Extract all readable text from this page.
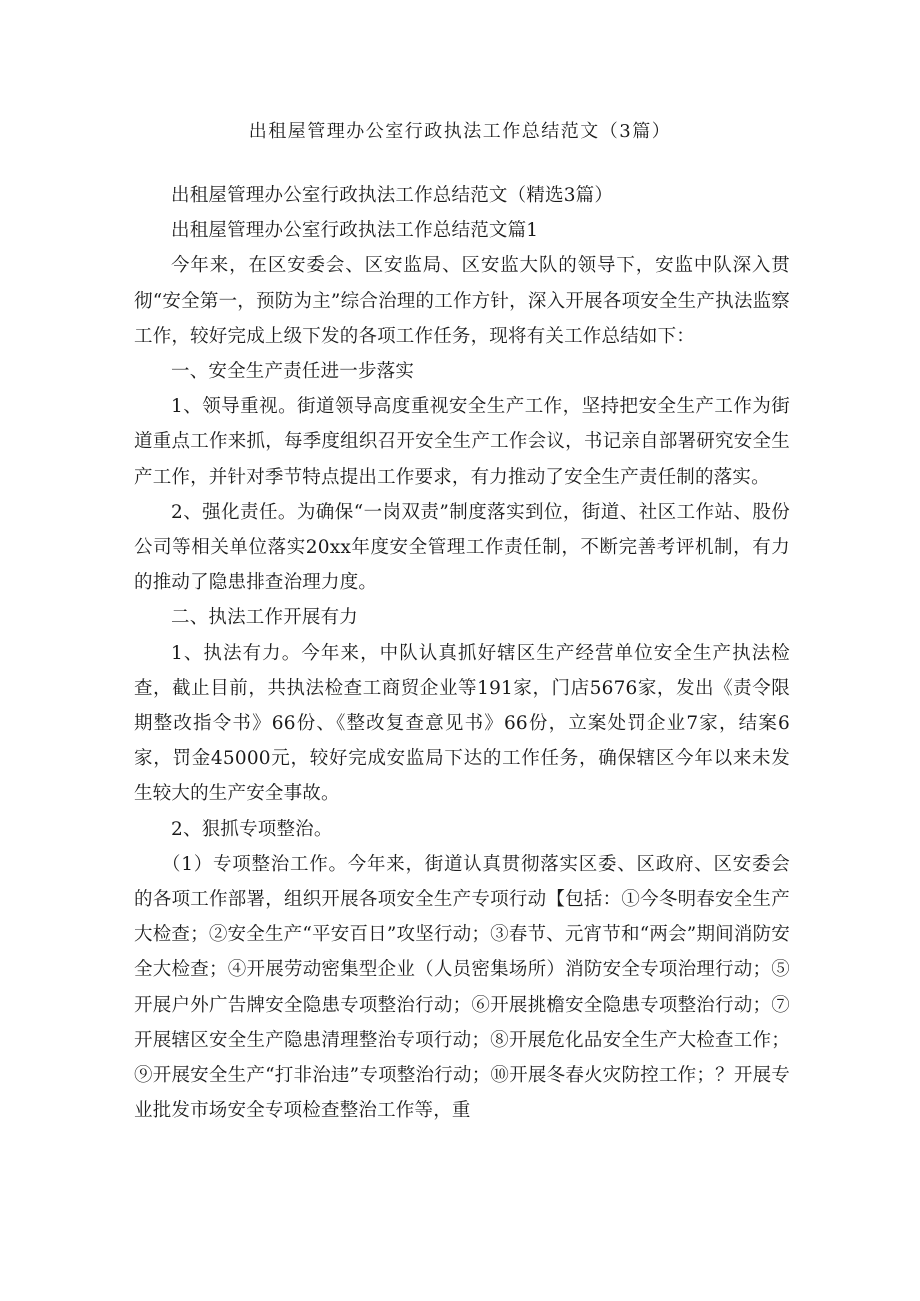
出租屋管理办公室行政执法工作总结范文（3篇）

出租屋管理办公室行政执法工作总结范文（精选3篇）

出租屋管理办公室行政执法工作总结范文篇1

今年来，在区安委会、区安监局、区安监大队的领导下，安监中队深入贯彻“安全第一，预防为主”综合治理的工作方针，深入开展各项安全生产执法监察工作，较好完成上级下发的各项工作任务，现将有关工作总结如下：

一、安全生产责任进一步落实

1、领导重视。街道领导高度重视安全生产工作，坚持把安全生产工作为街道重点工作来抓，每季度组织召开安全生产工作会议，书记亲自部署研究安全生产工作，并针对季节特点提出工作要求，有力推动了安全生产责任制的落实。

2、强化责任。为确保“一岗双责”制度落实到位，街道、社区工作站、股份公司等相关单位落实20xx年度安全管理工作责任制，不断完善考评机制，有力的推动了隐患排查治理力度。

二、执法工作开展有力

1、执法有力。今年来，中队认真抓好辖区生产经营单位安全生产执法检查，截止目前，共执法检查工商贸企业等191家，门店5676家，发出《责令限期整改指令书》66份、《整改复查意见书》66份，立案处罚企业7家，结案6家，罚金45000元，较好完成安监局下达的工作任务，确保辖区今年以来未发生较大的生产安全事故。

2、狠抓专项整治。

（1）专项整治工作。今年来，街道认真贯彻落实区委、区政府、区安委会的各项工作部署，组织开展各项安全生产专项行动【包括：①今冬明春安全生产大检查；②安全生产“平安百日”攻坚行动；③春节、元宵节和“两会”期间消防安全大检查；④开展劳动密集型企业（人员密集场所）消防安全专项治理行动；⑤开展户外广告牌安全隐患专项整治行动；⑥开展挑檐安全隐患专项整治行动；⑦开展辖区安全生产隐患清理整治专项行动；⑧开展危化品安全生产大检查工作；⑨开展安全生产“打非治违”专项整治行动；⑩开展冬春火灾防控工作；？开展专业批发市场安全专项检查整治工作等，重
